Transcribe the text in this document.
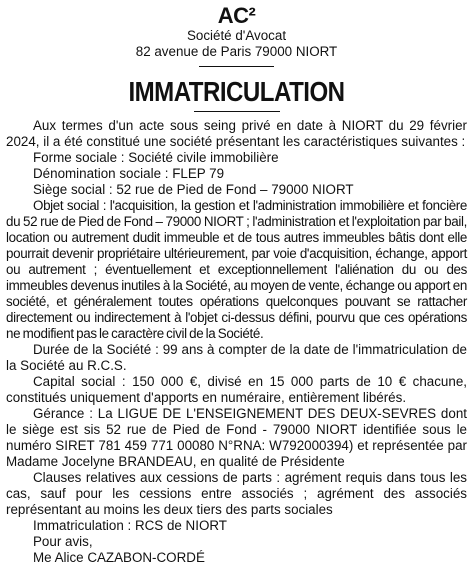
AC²
Société d'Avocat
82 avenue de Paris 79000 NIORT
IMMATRICULATION

Aux termes d'un acte sous seing privé en date à NIORT du 29 février 2024, il a été constitué une société présentant les caractéristiques suivantes :

Forme sociale : Société civile immobilière

Dénomination sociale : FLEP 79

Siège social : 52 rue de Pied de Fond – 79000 NIORT

Objet social : l'acquisition, la gestion et l'administration immobilière et foncière du 52 rue de Pied de Fond – 79000 NIORT ; l'administration et l'exploitation par bail, location ou autrement dudit immeuble et de tous autres immeubles bâtis dont elle pourrait devenir propriétaire ultérieurement, par voie d'acquisition, échange, apport ou autrement ; éventuellement et exceptionnellement l'aliénation du ou des immeubles devenus inutiles à la Société, au moyen de vente, échange ou apport en société, et généralement toutes opérations quelconques pouvant se rattacher directement ou indirectement à l'objet ci-dessus défini, pourvu que ces opérations ne modifient pas le caractère civil de la Société.

Durée de la Société : 99 ans à compter de la date de l'immatriculation de la Société au R.C.S.

Capital social : 150 000 €, divisé en 15 000 parts de 10 € chacune, constitués uniquement d'apports en numéraire, entièrement libérés.

Gérance : La LIGUE DE L'ENSEIGNEMENT DES DEUX-SEVRES dont le siège est sis 52 rue de Pied de Fond - 79000 NIORT identifiée sous le numéro SIRET 781 459 771 00080 N°RNA: W792000394) et représentée par Madame Jocelyne BRANDEAU, en qualité de Présidente

Clauses relatives aux cessions de parts : agrément requis dans tous les cas, sauf pour les cessions entre associés ; agrément des associés représentant au moins les deux tiers des parts sociales

Immatriculation : RCS de NIORT

Pour avis,

Me Alice CAZABON-CORDÉ
